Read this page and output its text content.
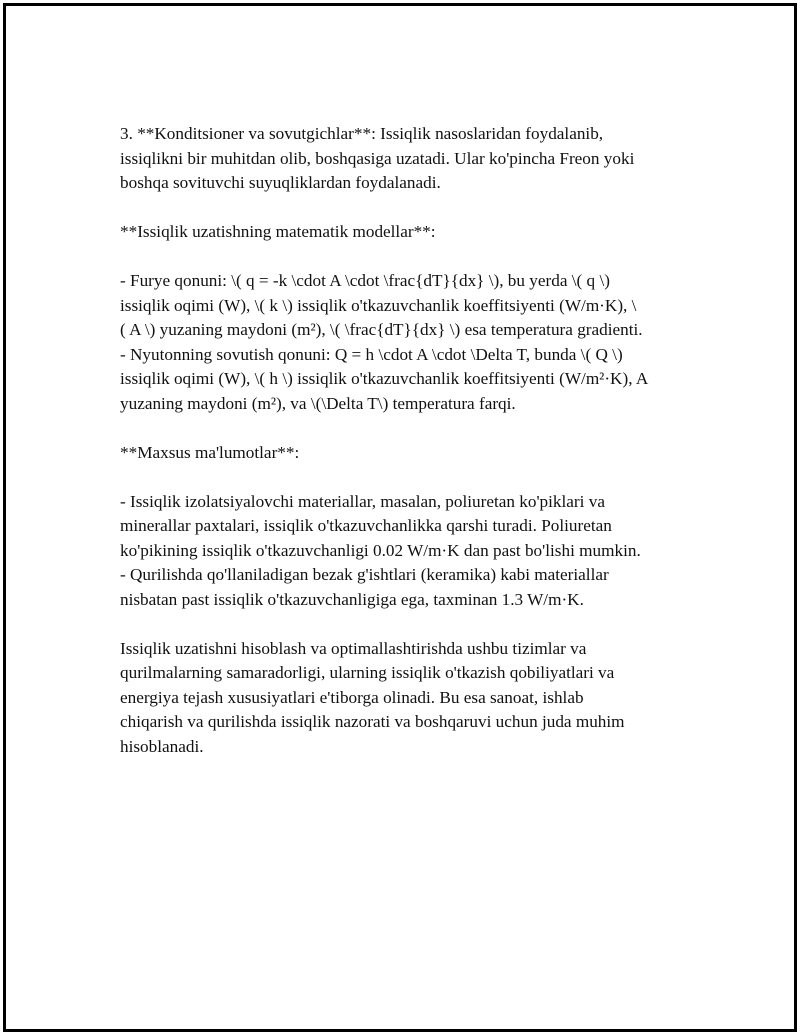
3. **Konditsioner va sovutgichlar**: Issiqlik nasoslaridan foydalanib,
issiqlikni bir muhitdan olib, boshqasiga uzatadi. Ular ko'pincha Freon yoki
boshqa sovituvchi suyuqliklardan foydalanadi.

**Issiqlik uzatishning matematik modellar**:

- Furye qonuni: \( q = -k \cdot A \cdot \frac{dT}{dx} \), bu yerda \( q \)
issiqlik oqimi (W), \( k \) issiqlik o'tkazuvchanlik koeffitsiyenti (W/m·K), \
( A \) yuzaning maydoni (m²), \( \frac{dT}{dx} \) esa temperatura gradienti.
- Nyutonning sovutish qonuni: Q = h \cdot A \cdot \Delta T, bunda \( Q \)
issiqlik oqimi (W), \( h \) issiqlik o'tkazuvchanlik koeffitsiyenti (W/m²·K), A
yuzaning maydoni (m²), va \(\Delta T\) temperatura farqi.

**Maxsus ma'lumotlar**:

- Issiqlik izolatsiyalovchi materiallar, masalan, poliuretan ko'piklari va
minerallar paxtalari, issiqlik o'tkazuvchanlikka qarshi turadi. Poliuretan
ko'pikining issiqlik o'tkazuvchanligi 0.02 W/m·K dan past bo'lishi mumkin.
- Qurilishda qo'llaniladigan bezak g'ishtlari (keramika) kabi materiallar
nisbatan past issiqlik o'tkazuvchanligiga ega, taxminan 1.3 W/m·K.

Issiqlik uzatishni hisoblash va optimallashtirishda ushbu tizimlar va
qurilmalarning samaradorligi, ularning issiqlik o'tkazish qobiliyatlari va
energiya tejash xususiyatlari e'tiborga olinadi. Bu esa sanoat, ishlab
chiqarish va qurilishda issiqlik nazorati va boshqaruvi uchun juda muhim
hisoblanadi.
